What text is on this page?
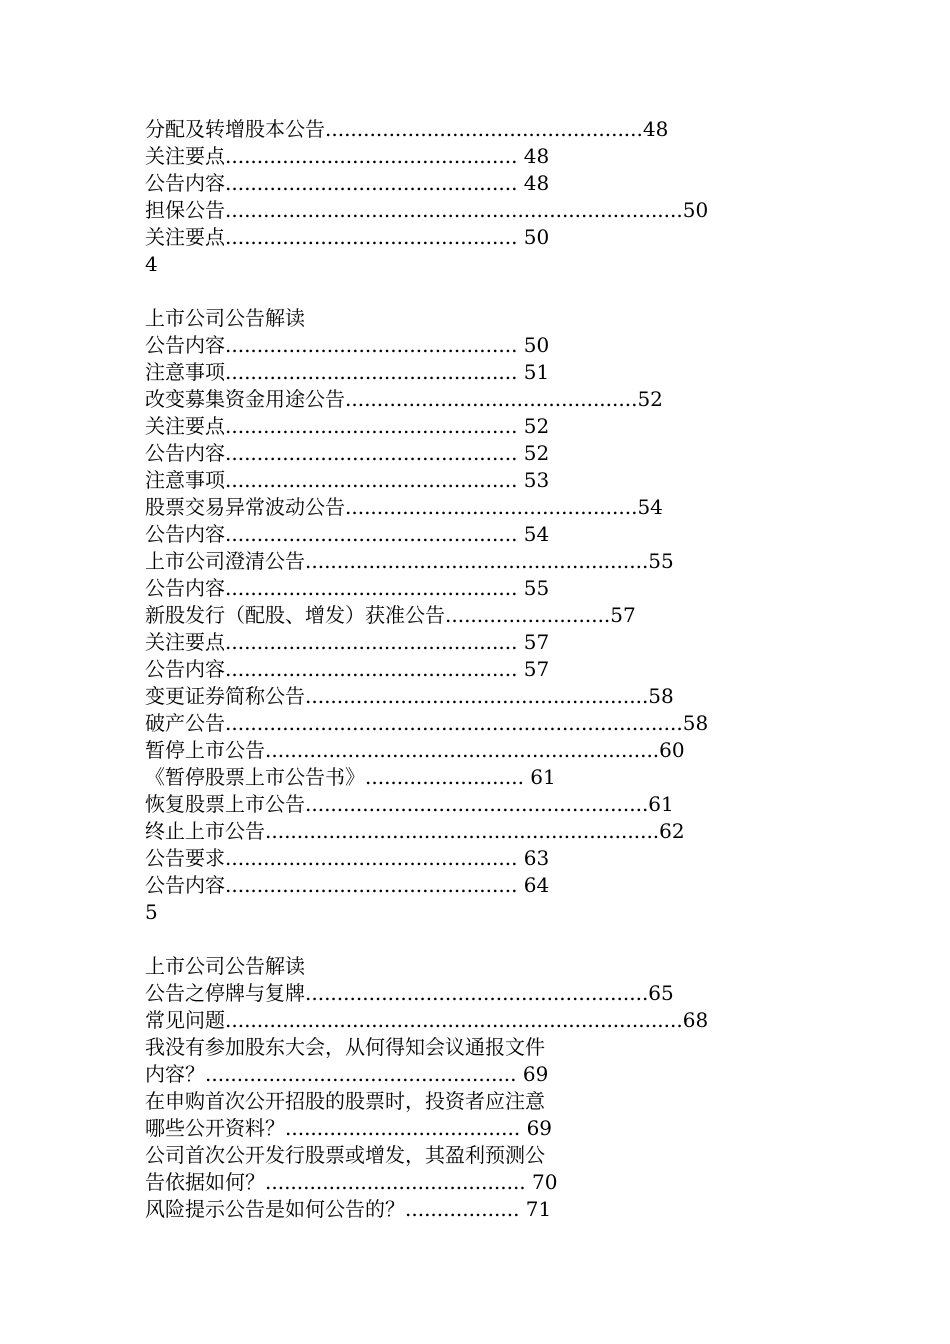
分配及转增股本公告..................................................48

关注要点.............................................. 48

公告内容.............................................. 48

担保公告........................................................................50

关注要点.............................................. 50

4

上市公司公告解读

公告内容.............................................. 50

注意事项.............................................. 51

改变募集资金用途公告..............................................52

关注要点.............................................. 52

公告内容.............................................. 52

注意事项.............................................. 53

股票交易异常波动公告..............................................54

公告内容.............................................. 54

上市公司澄清公告......................................................55

公告内容.............................................. 55

新股发行（配股、增发）获准公告..........................57

关注要点.............................................. 57

公告内容.............................................. 57

变更证券简称公告......................................................58

破产公告........................................................................58

暂停上市公告..............................................................60

《暂停股票上市公告书》......................... 61

恢复股票上市公告......................................................61

终止上市公告..............................................................62

公告要求.............................................. 63

公告内容.............................................. 64

5

上市公司公告解读

公告之停牌与复牌......................................................65

常见问题........................................................................68

我没有参加股东大会，从何得知会议通报文件

内容？................................................. 69

在申购首次公开招股的股票时，投资者应注意

哪些公开资料？..................................... 69

公司首次公开发行股票或增发，其盈利预测公

告依据如何？......................................... 70

风险提示公告是如何公告的？.................. 71
